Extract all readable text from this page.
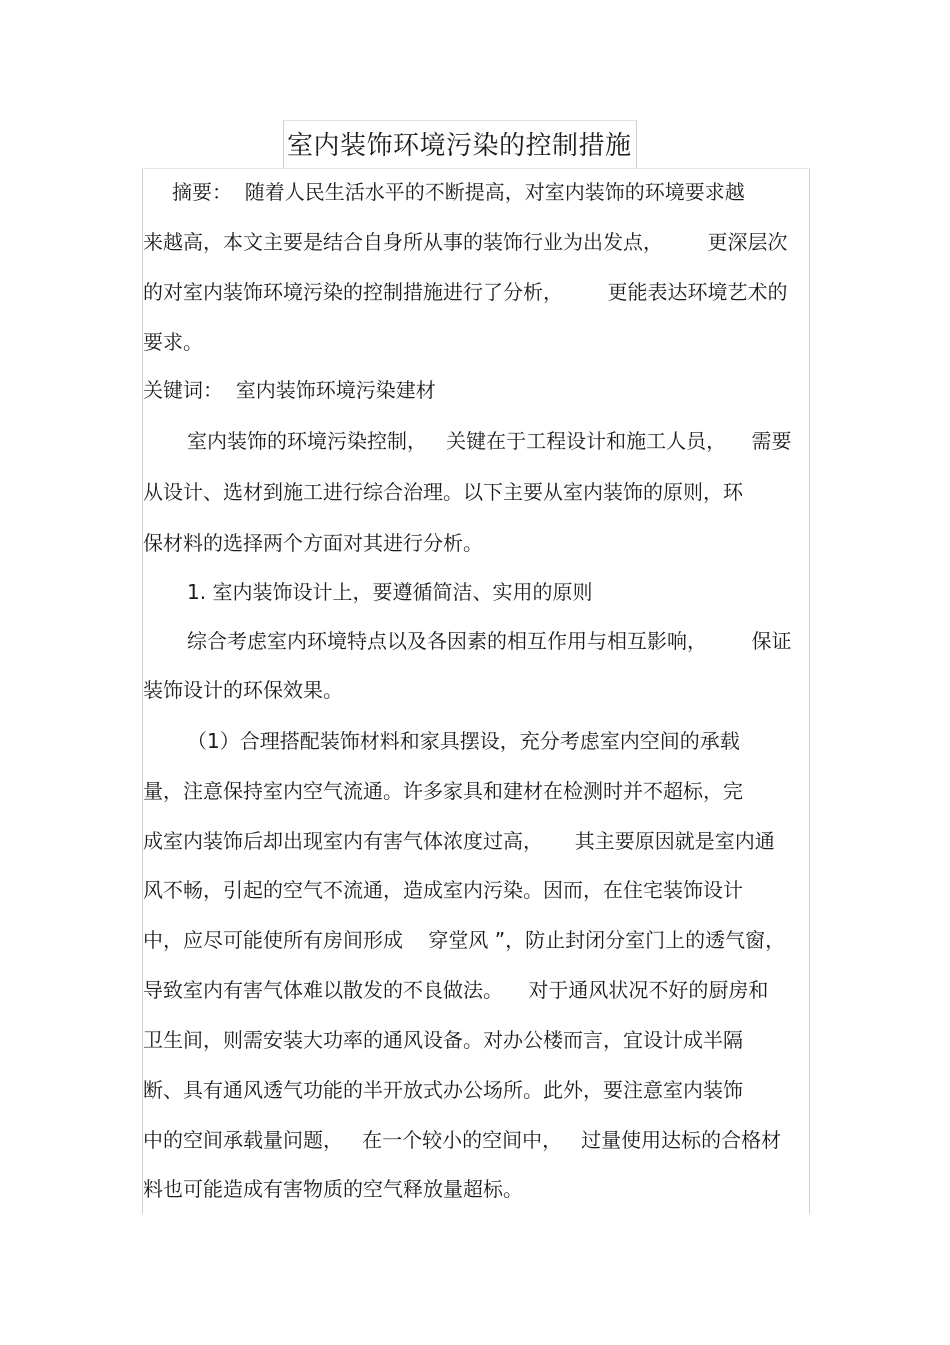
室内装饰环境污染的控制措施
摘要：  随着人民生活水平的不断提高，对室内装饰的环境要求越
来越高，本文主要是结合自身所从事的装饰行业为出发点，       更深层次
的对室内装饰环境污染的控制措施进行了分析，       更能表达环境艺术的
要求。
关键词：  室内装饰环境污染建材
室内装饰的环境污染控制，   关键在于工程设计和施工人员，    需要
从设计、选材到施工进行综合治理。以下主要从室内装饰的原则，环
保材料的选择两个方面对其进行分析。
1. 室内装饰设计上，要遵循简洁、实用的原则
综合考虑室内环境特点以及各因素的相互作用与相互影响，       保证
装饰设计的环保效果。
（1）合理搭配装饰材料和家具摆设，充分考虑室内空间的承载
量，注意保持室内空气流通。许多家具和建材在检测时并不超标，完
成室内装饰后却出现室内有害气体浓度过高，     其主要原因就是室内通
风不畅，引起的空气不流通，造成室内污染。因而，在住宅装饰设计
中，应尽可能使所有房间形成    穿堂风 ”，防止封闭分室门上的透气窗，
导致室内有害气体难以散发的不良做法。    对于通风状况不好的厨房和
卫生间，则需安装大功率的通风设备。对办公楼而言，宜设计成半隔
断、具有通风透气功能的半开放式办公场所。此外，要注意室内装饰
中的空间承载量问题，   在一个较小的空间中，   过量使用达标的合格材
料也可能造成有害物质的空气释放量超标。
